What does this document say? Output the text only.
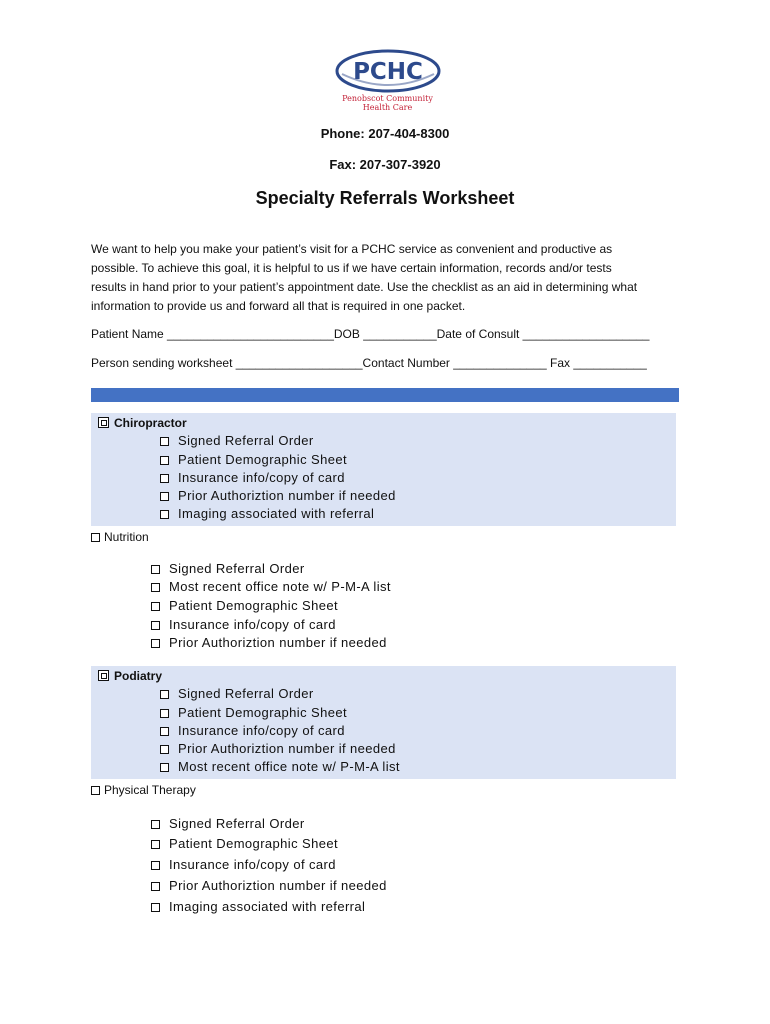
PCHC
Penobscot Community
Health Care
Phone: 207-404-8300
Fax: 207-307-3920
Specialty Referrals Worksheet
We want to help you make your patient’s visit for a PCHC service as convenient and productive as
possible. To achieve this goal, it is helpful to us if we have certain information, records and/or tests
results in hand prior to your patient’s appointment date. Use the checklist as an aid in determining what
information to provide us and forward all that is required in one packet.
Patient Name _________________________DOB ___________Date of Consult ___________________
Person sending worksheet ___________________Contact Number ______________ Fax ___________
Chiropractor
Signed Referral Order
Patient Demographic Sheet
Insurance info/copy of card
Prior Authoriztion number if needed
Imaging associated with referral
Nutrition
Signed Referral Order
Most recent office note w/ P-M-A list
Patient Demographic Sheet
Insurance info/copy of card
Prior Authoriztion number if needed
Podiatry
Signed Referral Order
Patient Demographic Sheet
Insurance info/copy of card
Prior Authoriztion number if needed
Most recent office note w/ P-M-A list
Physical Therapy
Signed Referral Order
Patient Demographic Sheet
Insurance info/copy of card
Prior Authoriztion number if needed
Imaging associated with referral
